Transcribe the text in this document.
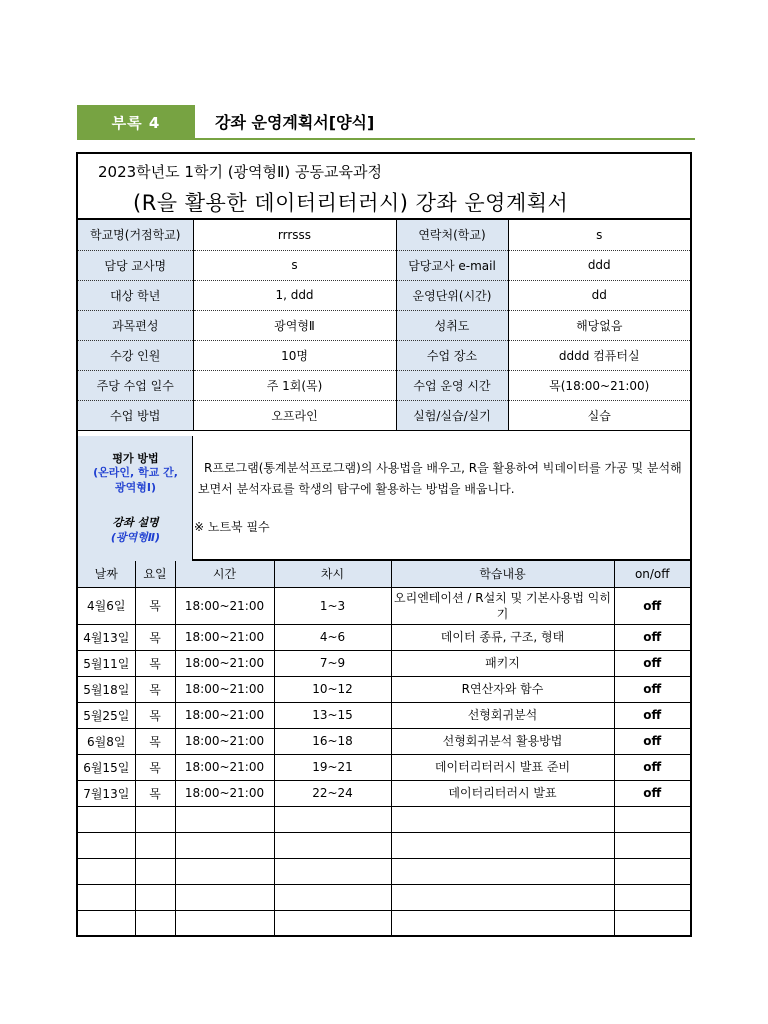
부록 4	강좌 운영계획서[양식]
2023학년도 1학기 (광역형Ⅱ) 공동교육과정
(R을 활용한 데이터리터러시) 강좌 운영계획서
학교명(거점학교)	rrrsss	연락처(학교)	s
담당 교사명	s	담당교사 e-mail	ddd
대상 학년	1, ddd	운영단위(시간)	dd
과목편성	광역형Ⅱ	성취도	해당없음
수강 인원	10명	수업 장소	dddd 컴퓨터실
주당 수업 일수	주 1회(목)	수업 운영 시간	목(18:00~21:00)
수업 방법	오프라인	실험/실습/실기	실습
평가 방법
(온라인, 학교 간,
광역형Ⅰ)
강좌 설명
(광역형Ⅱ)
R프로그램(통계분석프로그램)의 사용법을 배우고, R을 활용하여 빅데이터를 가공 및 분석해보면서 분석자료를 학생의 탐구에 활용하는 방법을 배웁니다.
※ 노트북 필수
날짜	요일	시간	차시	학습내용	on/off
4월6일	목	18:00~21:00	1~3	오리엔테이션 / R설치 및 기본사용법 익히기	off
4월13일	목	18:00~21:00	4~6	데이터 종류, 구조, 형태	off
5월11일	목	18:00~21:00	7~9	패키지	off
5월18일	목	18:00~21:00	10~12	R연산자와 함수	off
5월25일	목	18:00~21:00	13~15	선형회귀분석	off
6월8일	목	18:00~21:00	16~18	선형회귀분석 활용방법	off
6월15일	목	18:00~21:00	19~21	데이터리터러시 발표 준비	off
7월13일	목	18:00~21:00	22~24	데이터리터러시 발표	off
